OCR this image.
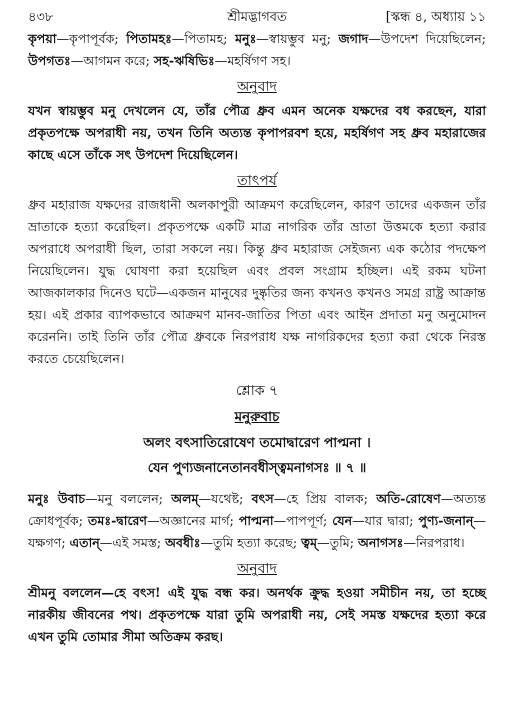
৪৩৮	শ্রীমদ্ভাগবত	[স্কন্ধ ৪, অধ্যায় ১১

কৃপয়া—কৃপাপূর্বক; পিতামহঃ—পিতামহ; মনুঃ—স্বায়ম্ভুব মনু; জগাদ—উপদেশ দিয়েছিলেন; উপগতঃ—আগমন করে; সহ-ঋষিভিঃ—মহর্ষিগণ সহ।

অনুবাদ

যখন স্বায়ম্ভুব মনু দেখলেন যে, তাঁর পৌত্র ধ্রুব এমন অনেক যক্ষদের বধ করছেন, যারা প্রকৃতপক্ষে অপরাধী নয়, তখন তিনি অত্যন্ত কৃপাপরবশ হয়ে, মহর্ষিগণ সহ ধ্রুব মহারাজের কাছে এসে তাঁকে সৎ উপদেশ দিয়েছিলেন।

তাৎপর্য

ধ্রুব মহারাজ যক্ষদের রাজধানী অলকাপুরী আক্রমণ করেছিলেন, কারণ তাদের একজন তাঁর ভ্রাতাকে হত্যা করেছিল। প্রকৃতপক্ষে একটি মাত্র নাগরিক তাঁর ভ্রাতা উত্তমকে হত্যা করার অপরাধে অপরাধী ছিল, তারা সকলে নয়। কিন্তু ধ্রুব মহারাজ সেইজন্য এক কঠোর পদক্ষেপ নিয়েছিলেন। যুদ্ধ ঘোষণা করা হয়েছিল এবং প্রবল সংগ্রাম হচ্ছিল। এই রকম ঘটনা আজকালকার দিনেও ঘটে—একজন মানুষের দুষ্কৃতির জন্য কখনও কখনও সমগ্র রাষ্ট্র আক্রান্ত হয়। এই প্রকার ব্যাপকভাবে আক্রমণ মানব-জাতির পিতা এবং আইন প্রদাতা মনু অনুমোদন করেননি। তাই তিনি তাঁর পৌত্র ধ্রুবকে নিরপরাধ যক্ষ নাগরিকদের হত্যা করা থেকে নিরস্ত করতে চেয়েছিলেন।

শ্লোক ৭

মনুরুবাচ

অলং বৎসাতিরোষেণ তমোদ্বারেণ পাপ্মনা ।

যেন পুণ্যজনানেতানবধীস্ত্বমনাগসঃ ॥ ৭ ॥

মনুঃ উবাচ—মনু বললেন; অলম্—যথেষ্ট; বৎস—হে প্রিয় বালক; অতি-রোষেণ—অত্যন্ত ক্রোধপূর্বক; তমঃ-দ্বারেণ—অজ্ঞানের মার্গ; পাপ্মনা—পাপপূর্ণ; যেন—যার দ্বারা; পুণ্য-জনান্—যক্ষগণ; এতান্—এই সমস্ত; অবধীঃ—তুমি হত্যা করেছ; ত্বম্—তুমি; অনাগসঃ—নিরপরাধ।

অনুবাদ

শ্রীমনু বললেন—হে বৎস! এই যুদ্ধ বন্ধ কর। অনর্থক ক্রুদ্ধ হওয়া সমীচীন নয়, তা হচ্ছে নারকীয় জীবনের পথ। প্রকৃতপক্ষে যারা তুমি অপরাধী নয়, সেই সমস্ত যক্ষদের হত্যা করে এখন তুমি তোমার সীমা অতিক্রম করছ।
